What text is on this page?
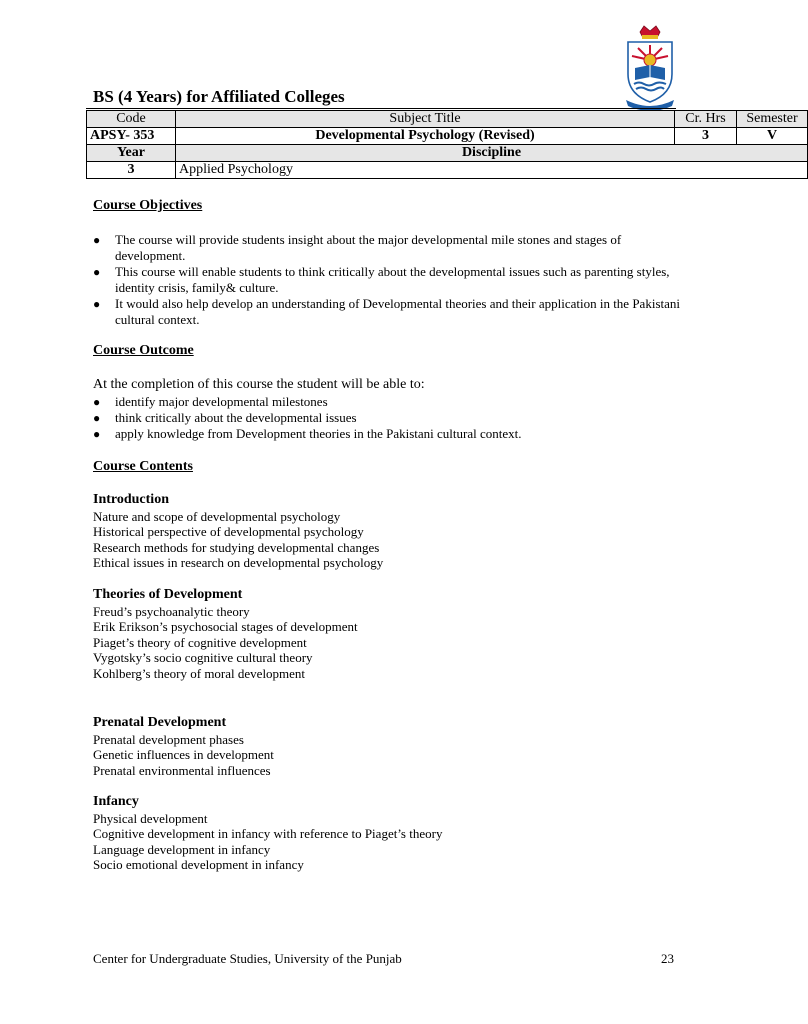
BS (4 Years) for Affiliated Colleges
Code	Subject Title	Cr. Hrs	Semester
APSY- 353	Developmental Psychology (Revised)	3	V
Year	Discipline		
3	Applied Psychology		
Course Objectives
● The course will provide students insight about the major developmental mile stones and stages of development.
● This course will enable students to think critically about the developmental issues such as parenting styles, identity crisis, family& culture.
● It would also help develop an understanding of Developmental theories and their application in the Pakistani cultural context.
Course Outcome
At the completion of this course the student will be able to:
● identify major developmental milestones
● think critically about the developmental issues
● apply knowledge from Development theories in the Pakistani cultural context.
Course Contents
Introduction
Nature and scope of developmental psychology
Historical perspective of developmental psychology
Research methods for studying developmental changes
Ethical issues in research on developmental psychology
Theories of Development
Freud’s psychoanalytic theory
Erik Erikson’s psychosocial stages of development
Piaget’s theory of cognitive development
Vygotsky’s socio cognitive cultural theory
Kohlberg’s theory of moral development
Prenatal Development
Prenatal development phases
Genetic influences in development
Prenatal environmental influences
Infancy
Physical development
Cognitive development in infancy with reference to Piaget’s theory
Language development in infancy
Socio emotional development in infancy
Center for Undergraduate Studies, University of the Punjab	23
